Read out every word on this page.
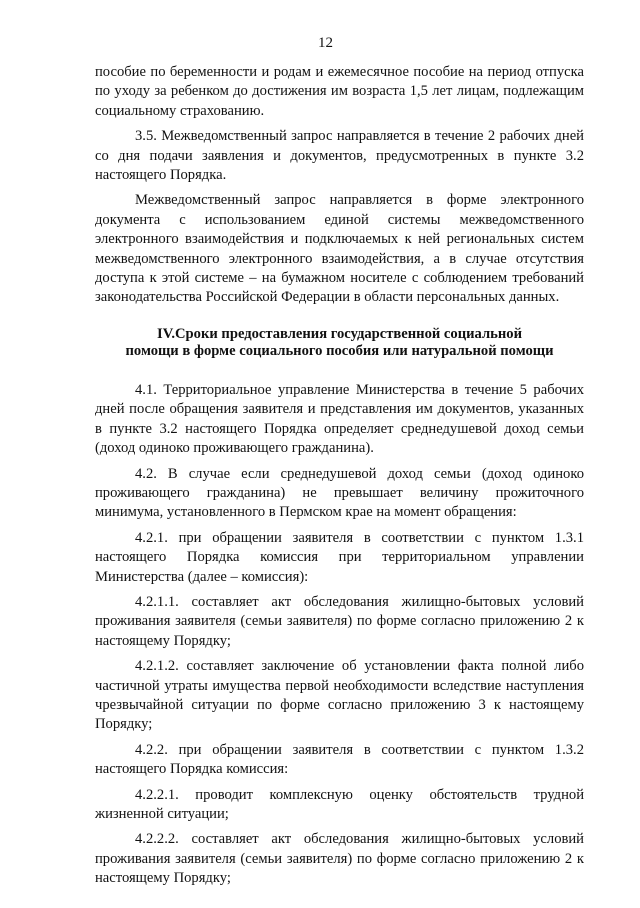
12

пособие по беременности и родам и ежемесячное пособие на период отпуска по уходу за ребенком до достижения им возраста 1,5 лет лицам, подлежащим социальному страхованию.

3.5. Межведомственный запрос направляется в течение 2 рабочих дней со дня подачи заявления и документов, предусмотренных в пункте 3.2 настоящего Порядка.

Межведомственный запрос направляется в форме электронного документа с использованием единой системы межведомственного электронного взаимодействия и подключаемых к ней региональных систем межведомственного электронного взаимодействия, а в случае отсутствия доступа к этой системе – на бумажном носителе с соблюдением требований законодательства Российской Федерации в области персональных данных.

IV.Сроки предоставления государственной социальной
помощи в форме социального пособия или натуральной помощи

4.1. Территориальное управление Министерства в течение 5 рабочих дней после обращения заявителя и представления им документов, указанных в пункте 3.2 настоящего Порядка определяет среднедушевой доход семьи (доход одиноко проживающего гражданина).

4.2. В случае если среднедушевой доход семьи (доход одиноко проживающего гражданина) не превышает величину прожиточного минимума, установленного в Пермском крае на момент обращения:

4.2.1. при обращении заявителя в соответствии с пунктом 1.3.1 настоящего Порядка комиссия при территориальном управлении Министерства (далее – комиссия):

4.2.1.1. составляет акт обследования жилищно-бытовых условий проживания заявителя (семьи заявителя) по форме согласно приложению 2 к настоящему Порядку;

4.2.1.2. составляет заключение об установлении факта полной либо частичной утраты имущества первой необходимости вследствие наступления чрезвычайной ситуации по форме согласно приложению 3 к настоящему Порядку;

4.2.2. при обращении заявителя в соответствии с пунктом 1.3.2 настоящего Порядка комиссия:

4.2.2.1. проводит комплексную оценку обстоятельств трудной жизненной ситуации;

4.2.2.2. составляет акт обследования жилищно-бытовых условий проживания заявителя (семьи заявителя) по форме согласно приложению 2 к настоящему Порядку;
